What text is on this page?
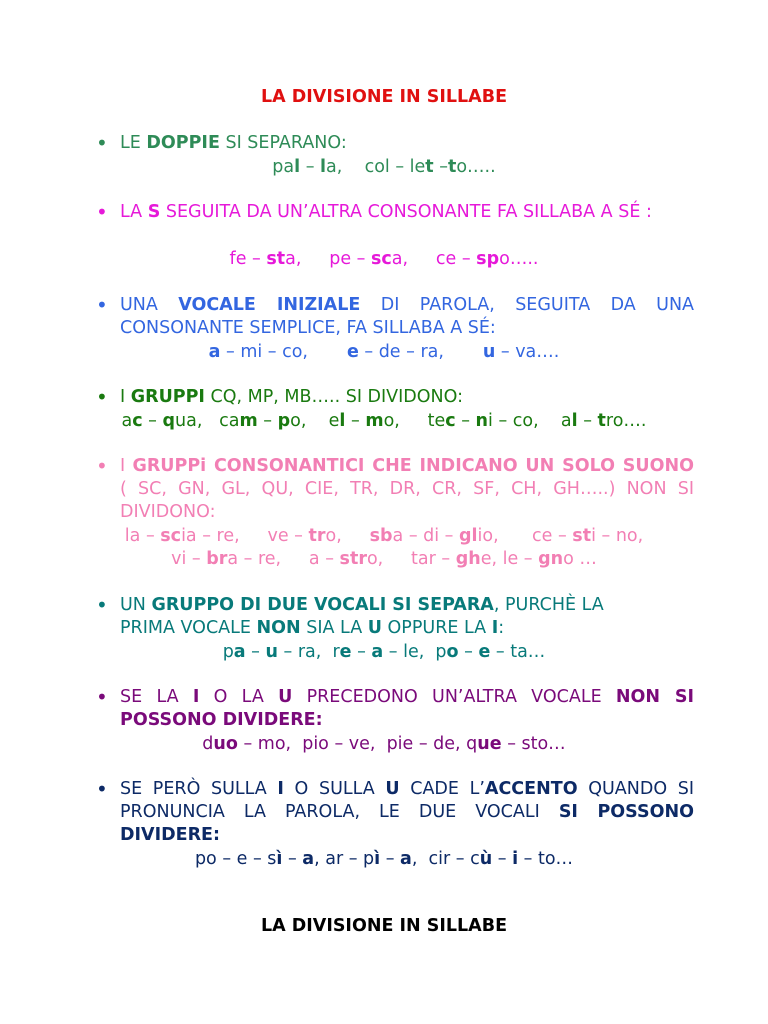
LA DIVISIONE IN SILLABE
• LE DOPPIE SI SEPARANO:
pal – la,    col – let –to…..
• LA S SEGUITA DA UN’ALTRA CONSONANTE FA SILLABA A SÉ :
fe – sta,     pe – sca,     ce – spo…..
• UNA VOCALE INIZIALE DI PAROLA, SEGUITA DA UNA CONSONANTE SEMPLICE, FA SILLABA A SÉ:
a – mi – co,       e – de – ra,       u – va….
• I GRUPPI CQ, MP, MB….. SI DIVIDONO:
ac – qua,   cam – po,    el – mo,     tec – ni – co,    al – tro….
• I GRUPPi CONSONANTICI CHE INDICANO UN SOLO SUONO ( SC, GN, GL, QU, CIE, TR, DR, CR, SF, CH, GH…..) NON SI DIVIDONO:
la – scia – re,     ve – tro,     sba – di – glio,      ce – sti – no,
vi – bra – re,     a – stro,     tar – ghe, le – gno …
• UN GRUPPO DI DUE VOCALI SI SEPARA, PURCHÈ LA PRIMA VOCALE NON SIA LA U OPPURE LA I:
pa – u – ra,  re – a – le,  po – e – ta…
• SE LA I O LA U PRECEDONO UN’ALTRA VOCALE NON SI POSSONO DIVIDERE:
duo – mo,  pio – ve,  pie – de, que – sto…
• SE PERÒ SULLA I O SULLA U CADE L’ACCENTO QUANDO SI PRONUNCIA LA PAROLA, LE DUE VOCALI SI POSSONO DIVIDERE:
po – e – sì – a, ar – pì – a,  cir – cù – i – to…
LA DIVISIONE IN SILLABE
